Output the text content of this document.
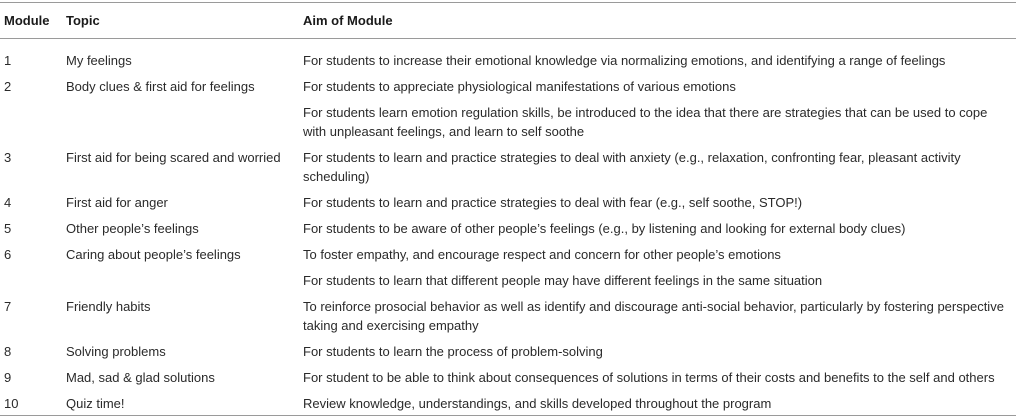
Module	Topic	Aim of Module
1	My feelings	For students to increase their emotional knowledge via normalizing emotions, and identifying a range of feelings
2	Body clues & first aid for feelings	For students to appreciate physiological manifestations of various emotions
		For students learn emotion regulation skills, be introduced to the idea that there are strategies that can be used to cope with unpleasant feelings, and learn to self soothe
3	First aid for being scared and worried	For students to learn and practice strategies to deal with anxiety (e.g., relaxation, confronting fear, pleasant activity scheduling)
4	First aid for anger	For students to learn and practice strategies to deal with fear (e.g., self soothe, STOP!)
5	Other people’s feelings	For students to be aware of other people’s feelings (e.g., by listening and looking for external body clues)
6	Caring about people’s feelings	To foster empathy, and encourage respect and concern for other people’s emotions
		For students to learn that different people may have different feelings in the same situation
7	Friendly habits	To reinforce prosocial behavior as well as identify and discourage anti-social behavior, particularly by fostering perspective taking and exercising empathy
8	Solving problems	For students to learn the process of problem-solving
9	Mad, sad & glad solutions	For student to be able to think about consequences of solutions in terms of their costs and benefits to the self and others
10	Quiz time!	Review knowledge, understandings, and skills developed throughout the program
